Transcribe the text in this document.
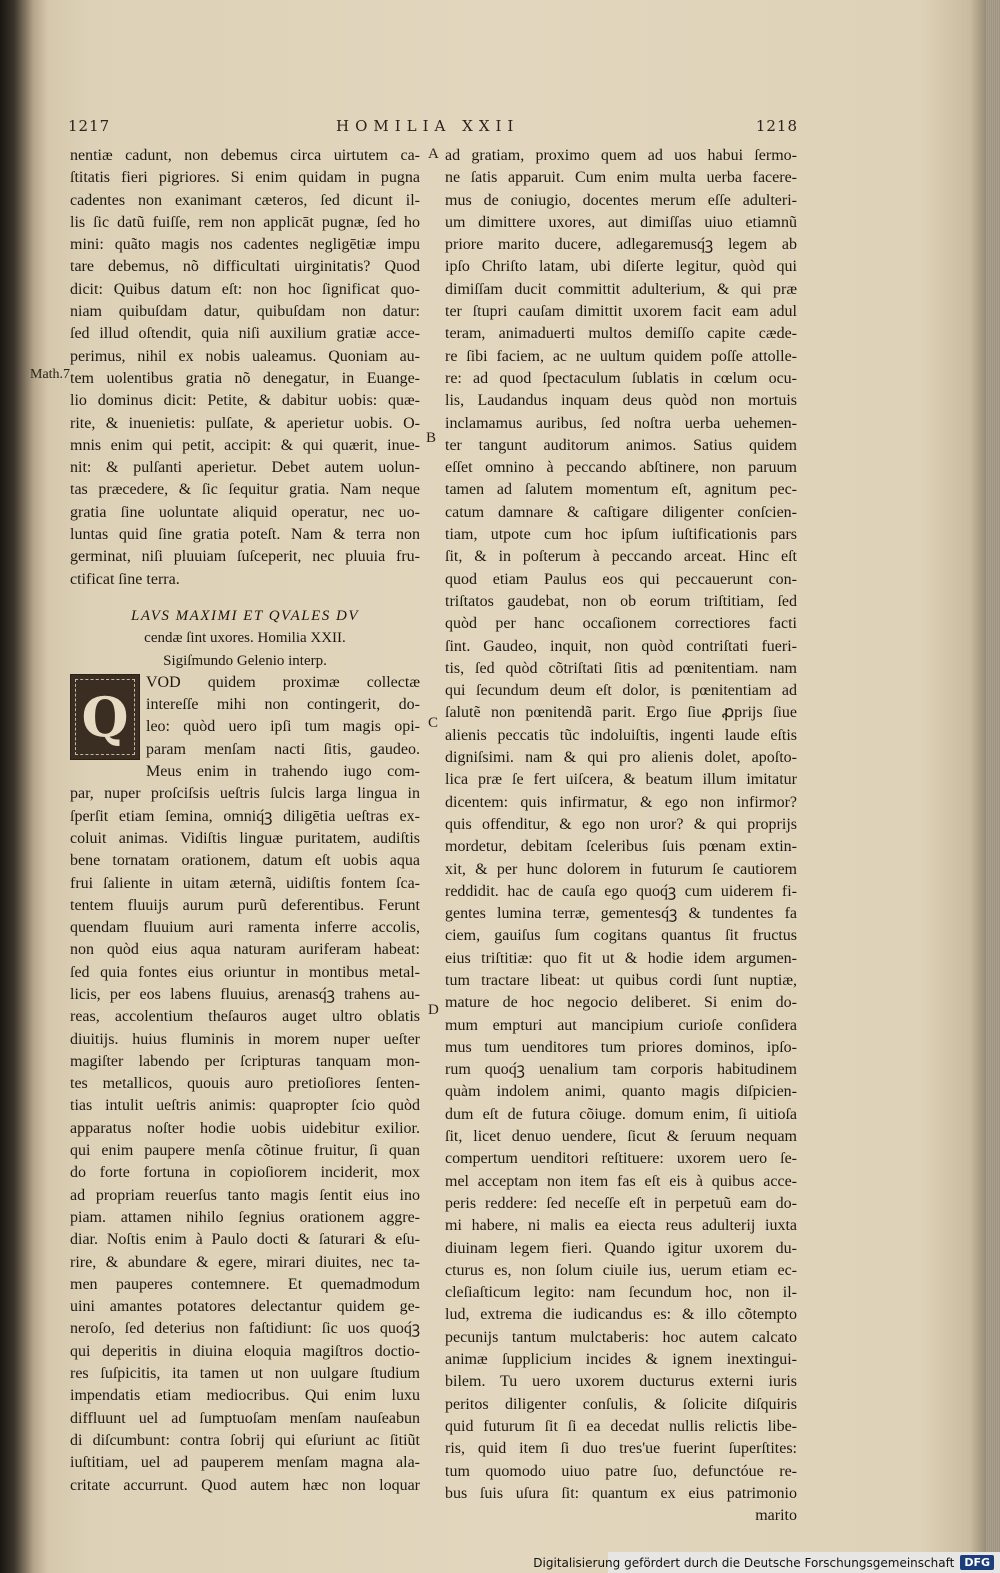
1217	HOMILIA XXII	1218
Math.7
A
B
C
D
nentiæ cadunt, non debemus circa uirtutem ca-
ſtitatis fieri pigriores. Si enim quidam in pugna
cadentes non exanimant cæteros, ſed dicunt il-
lis ſic datũ fuiſſe, rem non applicāt pugnæ, ſed ho
mini: quãto magis nos cadentes negligētiæ impu
tare debemus, nõ difficultati uirginitatis? Quod
dicit: Quibus datum eſt: non hoc ſignificat quo-
niam quibuſdam datur, quibuſdam non datur:
ſed illud oſtendit, quia niſi auxilium gratiæ acce-
perimus, nihil ex nobis ualeamus. Quoniam au-
tem uolentibus gratia nõ denegatur, in Euange-
lio dominus dicit: Petite, & dabitur uobis: quæ-
rite, & inuenietis: pulſate, & aperietur uobis. O-
mnis enim qui petit, accipit: & qui quærit, inue-
nit: & pulſanti aperietur. Debet autem uolun-
tas præcedere, & ſic ſequitur gratia. Nam neque
gratia ſine uoluntate aliquid operatur, nec uo-
luntas quid ſine gratia poteſt. Nam & terra non
germinat, niſi pluuiam ſuſceperit, nec pluuia fru-
ctificat ſine terra.
LAVS MAXIMI ET QVALES DV
cendæ ſint uxores. Homilia XXII.
Sigiſmundo Gelenio interp.
Q
VOD quidem proximæ collectæ
intereſſe mihi non contingerit, do-
leo: quòd uero ipſi tum magis opi-
param menſam nacti ſitis, gaudeo.
Meus enim in trahendo iugo com-
par, nuper proſciſsis ueſtris ſulcis larga lingua in
ſperſit etiam ſemina, omniq́ꝫ diligētia ueſtras ex-
coluit animas. Vidiſtis linguæ puritatem, audiſtis
bene tornatam orationem, datum eſt uobis aqua
frui ſaliente in uitam æternã, uidiſtis fontem ſca-
tentem fluuijs aurum purũ deferentibus. Ferunt
quendam fluuium auri ramenta inferre accolis,
non quòd eius aqua naturam auriferam habeat:
ſed quia fontes eius oriuntur in montibus metal-
licis, per eos labens fluuius, arenasq́ꝫ trahens au-
reas, accolentium theſauros auget ultro oblatis
diuitijs. huius fluminis in morem nuper ueſter
magiſter labendo per ſcripturas tanquam mon-
tes metallicos, quouis auro pretioſiores ſenten-
tias intulit ueſtris animis: quapropter ſcio quòd
apparatus noſter hodie uobis uidebitur exilior.
qui enim paupere menſa cõtinue fruitur, ſi quan
do forte fortuna in copioſiorem inciderit, mox
ad propriam reuerſus tanto magis ſentit eius ino
piam. attamen nihilo ſegnius orationem aggre-
diar. Noſtis enim à Paulo docti & ſaturari & eſu-
rire, & abundare & egere, mirari diuites, nec ta-
men pauperes contemnere. Et quemadmodum
uini amantes potatores delectantur quidem ge-
neroſo, ſed deterius non faſtidiunt: ſic uos quoq́ꝫ
qui deperitis in diuina eloquia magiſtros doctio-
res ſuſpicitis, ita tamen ut non uulgare ſtudium
impendatis etiam mediocribus. Qui enim luxu
diffluunt uel ad ſumptuoſam menſam nauſeabun
di diſcumbunt: contra ſobrij qui eſuriunt ac ſitiũt
iuſtitiam, uel ad pauperem menſam magna ala-
critate accurrunt. Quod autem hæc non loquar
ad gratiam, proximo quem ad uos habui ſermo-
ne ſatis apparuit. Cum enim multa uerba facere-
mus de coniugio, docentes merum eſſe adulteri-
um dimittere uxores, aut dimiſſas uiuo etiamnũ
priore marito ducere, adlegaremusq́ꝫ legem ab
ipſo Chriſto latam, ubi diſerte legitur, quòd qui
dimiſſam ducit committit adulterium, & qui præ
ter ſtupri cauſam dimittit uxorem facit eam adul
teram, animaduerti multos demiſſo capite cæde-
re ſibi faciem, ac ne uultum quidem poſſe attolle-
re: ad quod ſpectaculum ſublatis in cœlum ocu-
lis, Laudandus inquam deus quòd non mortuis
inclamamus auribus, ſed noſtra uerba uehemen-
ter tangunt auditorum animos. Satius quidem
eſſet omnino à peccando abſtinere, non paruum
tamen ad ſalutem momentum eſt, agnitum pec-
catum damnare & caſtigare diligenter conſcien-
tiam, utpote cum hoc ipſum iuſtificationis pars
ſit, & in poſterum à peccando arceat. Hinc eſt
quod etiam Paulus eos qui peccauerunt con-
triſtatos gaudebat, non ob eorum triſtitiam, ſed
quòd per hanc occaſionem correctiores facti
ſint. Gaudeo, inquit, non quòd contriſtati fueri-
tis, ſed quòd cõtriſtati ſitis ad pœnitentiam. nam
qui ſecundum deum eſt dolor, is pœnitentiam ad
ſalutẽ non pœnitendã parit. Ergo ſiue ꝓprijs ſiue
alienis peccatis tũc indoluiſtis, ingenti laude eſtis
digniſsimi. nam & qui pro alienis dolet, apoſto-
lica præ ſe fert uiſcera, & beatum illum imitatur
dicentem: quis infirmatur, & ego non infirmor?
quis offenditur, & ego non uror? & qui proprijs
mordetur, debitam ſceleribus ſuis pœnam extin-
xit, & per hunc dolorem in futurum ſe cautiorem
reddidit. hac de cauſa ego quoq́ꝫ cum uiderem fi-
gentes lumina terræ, gementesq́ꝫ & tundentes fa
ciem, gauiſus ſum cogitans quantus ſit fructus
eius triſtitiæ: quo fit ut & hodie idem argumen-
tum tractare libeat: ut quibus cordi ſunt nuptiæ,
mature de hoc negocio deliberet. Si enim do-
mum empturi aut mancipium curioſe conſidera
mus tum uenditores tum priores dominos, ipſo-
rum quoq́ꝫ uenalium tam corporis habitudinem
quàm indolem animi, quanto magis diſpicien-
dum eſt de futura cõiuge. domum enim, ſi uitioſa
ſit, licet denuo uendere, ſicut & ſeruum nequam
compertum uenditori reſtituere: uxorem uero ſe-
mel acceptam non item fas eſt eis à quibus acce-
peris reddere: ſed neceſſe eſt in perpetuũ eam do-
mi habere, ni malis ea eiecta reus adulterij iuxta
diuinam legem fieri. Quando igitur uxorem du-
cturus es, non ſolum ciuile ius, uerum etiam ec-
cleſiaſticum legito: nam ſecundum hoc, non il-
lud, extrema die iudicandus es: & illo cõtempto
pecunijs tantum mulctaberis: hoc autem calcato
animæ ſupplicium incides & ignem inextingui-
bilem. Tu uero uxorem ducturus externi iuris
peritos diligenter conſulis, & ſolicite diſquiris
quid futurum ſit ſi ea decedat nullis relictis libe-
ris, quid item ſi duo tres'ue fuerint ſuperſtites:
tum quomodo uiuo patre ſuo, defunctóue re-
bus ſuis uſura ſit: quantum ex eius patrimonio
marito
Digitalisierung gefördert durch die Deutsche Forschungsgemeinschaft DFG
